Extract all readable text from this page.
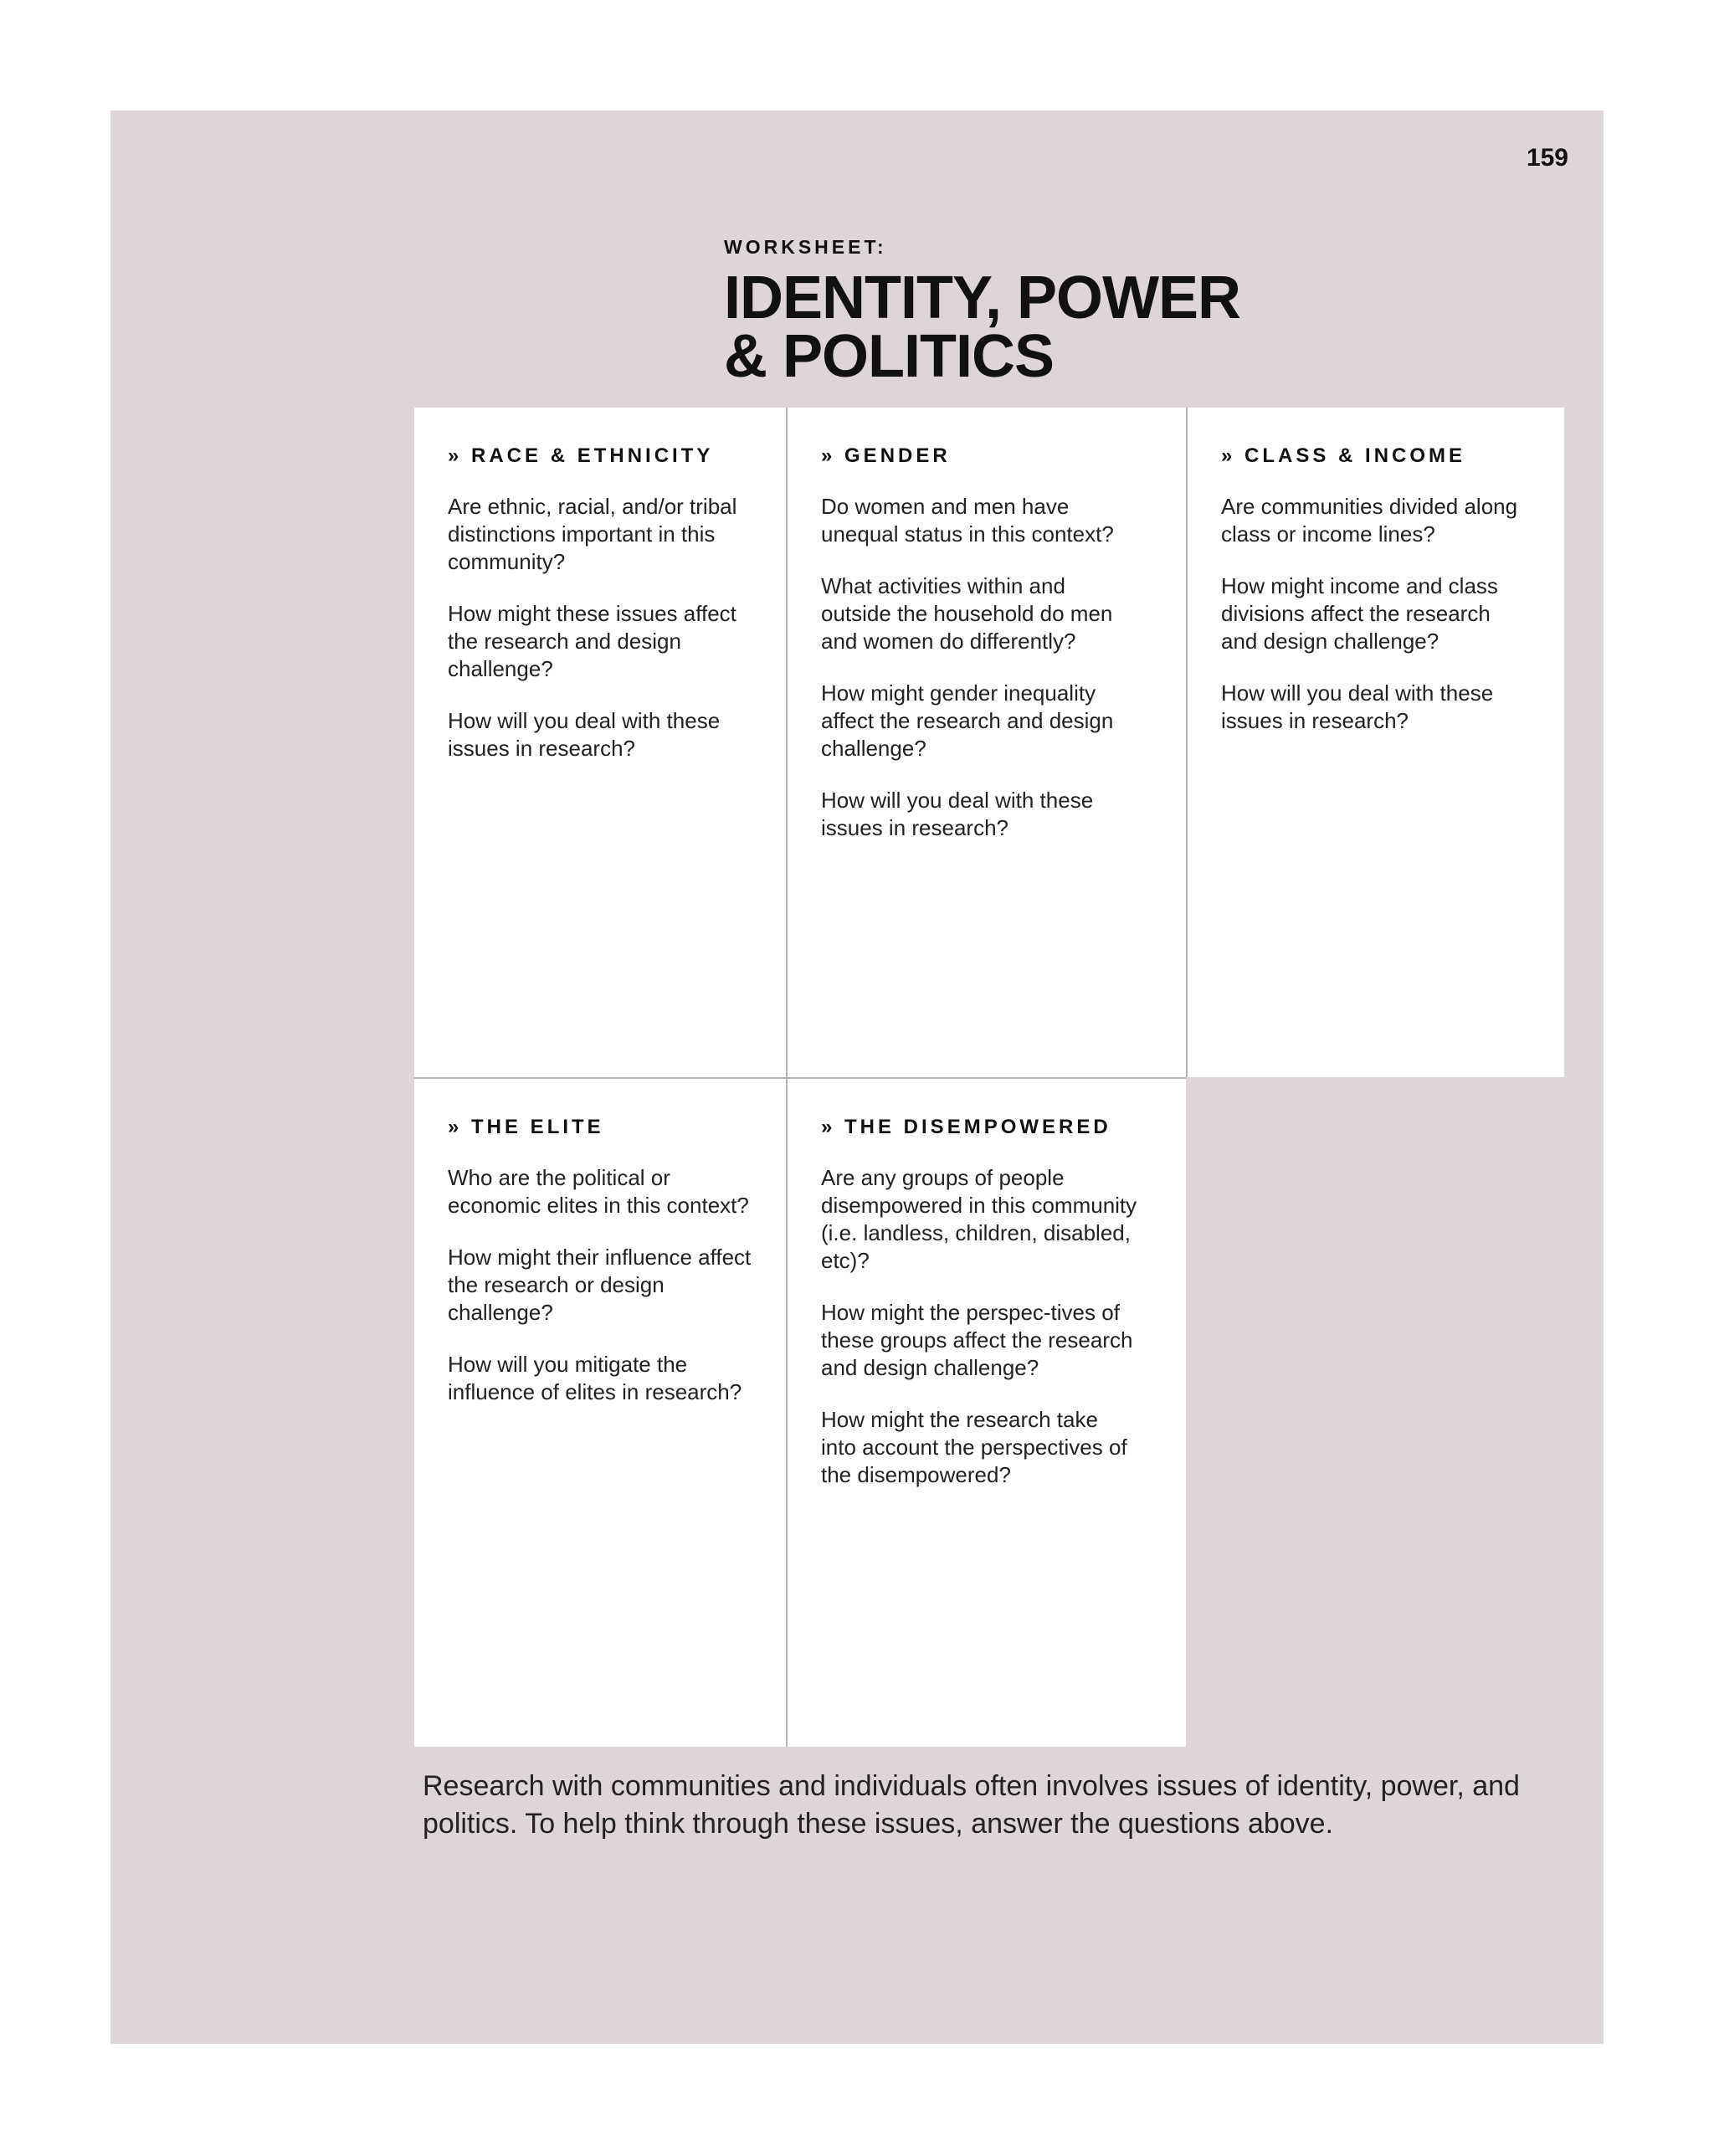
159
WORKSHEET:
IDENTITY, POWER
& POLITICS
» RACE & ETHNICITY

Are ethnic, racial, and/or tribal distinctions important in this community?

How might these issues affect the research and design challenge?

How will you deal with these issues in research?

» GENDER

Do women and men have unequal status in this context?

What activities within and outside the household do men and women do differently?

How might gender inequality affect the research and design challenge?

How will you deal with these issues in research?

» CLASS & INCOME

Are communities divided along class or income lines?

How might income and class divisions affect the research and design challenge?

How will you deal with these issues in research?

» THE ELITE

Who are the political or economic elites in this context?

How might their influence affect the research or design challenge?

How will you mitigate the influence of elites in research?

» THE DISEMPOWERED

Are any groups of people disempowered in this community (i.e. landless, children, disabled, etc)?

How might the perspec-tives of these groups affect the research and design challenge?

How might the research take into account the perspectives of the disempowered?

Research with communities and individuals often involves issues of identity, power, and politics. To help think through these issues, answer the questions above.
